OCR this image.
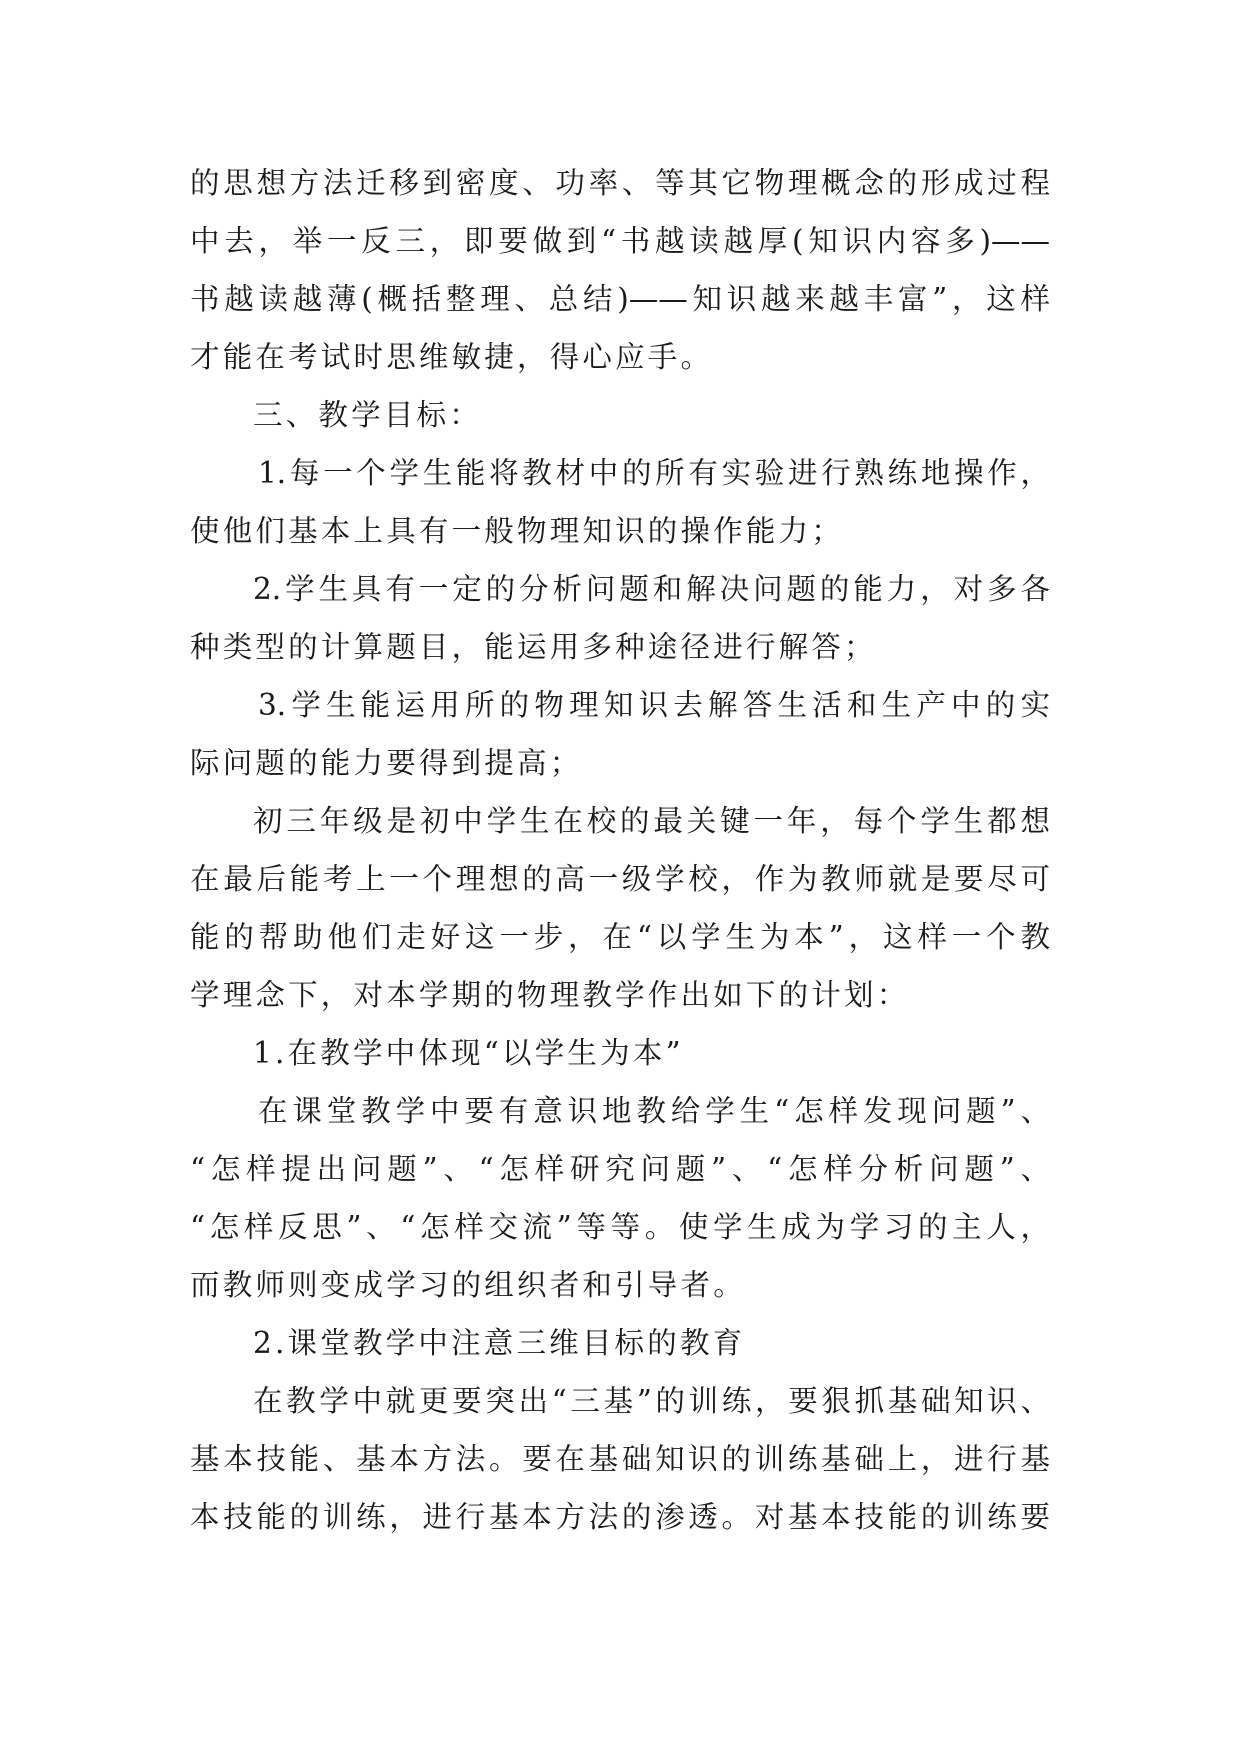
的思想方法迁移到密度、功率、等其它物理概念的形成过程
中去，举一反三，即要做到“书越读越厚(知识内容多)——
书越读越薄(概括整理、总结)——知识越来越丰富”，这样
才能在考试时思维敏捷，得心应手。
三、教学目标：
1.每一个学生能将教材中的所有实验进行熟练地操作，
使他们基本上具有一般物理知识的操作能力；
2.学生具有一定的分析问题和解决问题的能力，对多各
种类型的计算题目，能运用多种途径进行解答；
3.学生能运用所的物理知识去解答生活和生产中的实
际问题的能力要得到提高；
初三年级是初中学生在校的最关键一年，每个学生都想
在最后能考上一个理想的高一级学校，作为教师就是要尽可
能的帮助他们走好这一步，在“以学生为本”，这样一个教
学理念下，对本学期的物理教学作出如下的计划：
1.在教学中体现“以学生为本”
在课堂教学中要有意识地教给学生“怎样发现问题”、
“怎样提出问题”、“怎样研究问题”、“怎样分析问题”、
“怎样反思”、“怎样交流”等等。使学生成为学习的主人，
而教师则变成学习的组织者和引导者。
2.课堂教学中注意三维目标的教育
在教学中就更要突出“三基”的训练，要狠抓基础知识、
基本技能、基本方法。要在基础知识的训练基础上，进行基
本技能的训练，进行基本方法的渗透。对基本技能的训练要
